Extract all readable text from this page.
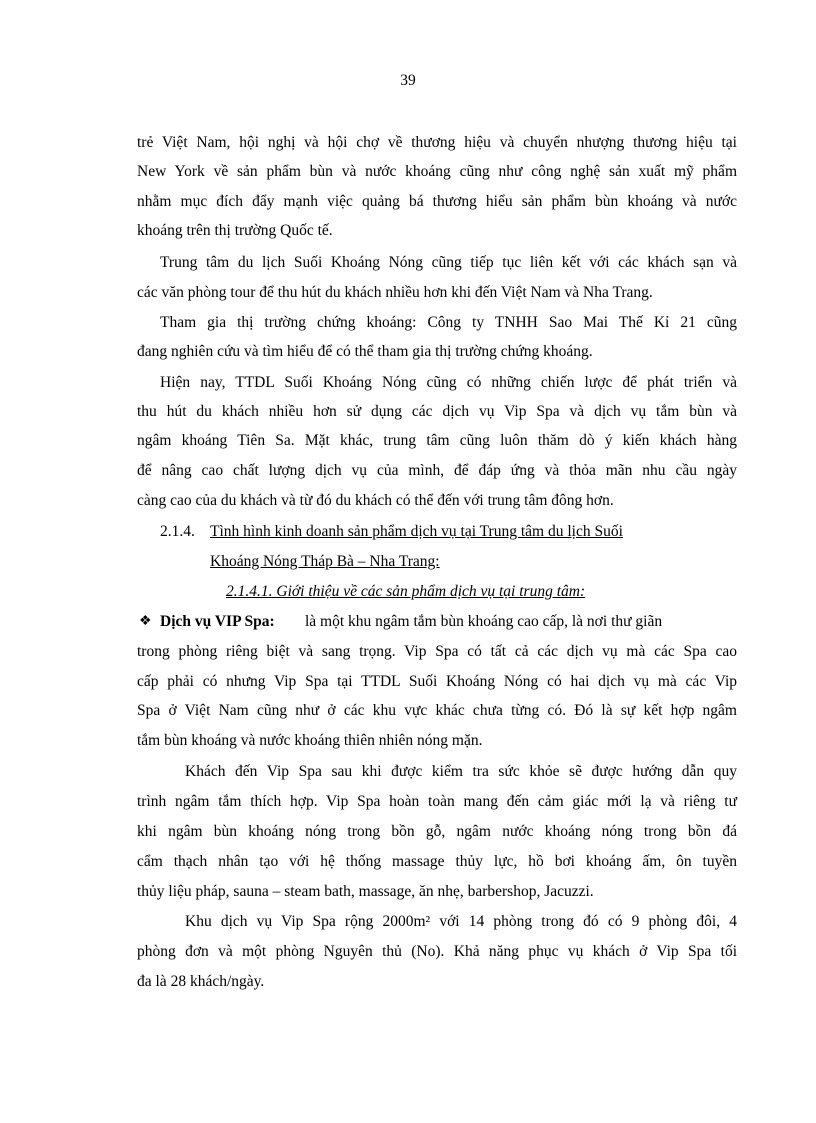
39
trẻ Việt Nam, hội nghị và hội chợ về thương hiệu và chuyển nhượng thương hiệu tại
New York về sản phẩm bùn và nước khoáng cũng như công nghệ sản xuất mỹ phẩm
nhằm mục đích đẩy mạnh việc quảng bá thương hiểu sản phẩm bùn khoáng và nước
khoáng trên thị trường Quốc tế.
Trung tâm du lịch Suối Khoáng Nóng cũng tiếp tục liên kết với các khách sạn và
các văn phòng tour để thu hút du khách nhiều hơn khi đến Việt Nam và Nha Trang.
Tham gia thị trường chứng khoáng: Công ty TNHH Sao Mai Thế Kỉ 21 cũng
đang nghiên cứu và tìm hiểu để có thể tham gia thị trường chứng khoáng.
Hiện nay, TTDL Suối Khoáng Nóng cũng có những chiến lược để phát triển và
thu hút du khách nhiều hơn sử dụng các dịch vụ Vip Spa và dịch vụ tắm bùn và
ngâm khoáng Tiên Sa. Mặt khác, trung tâm cũng luôn thăm dò ý kiến khách hàng
để nâng cao chất lượng dịch vụ của mình, để đáp ứng và thỏa mãn nhu cầu ngày
càng cao của du khách và từ đó du khách có thể đến với trung tâm đông hơn.
2.1.4. Tình hình kinh doanh sản phẩm dịch vụ tại Trung tâm du lịch Suối
Khoáng Nóng Tháp Bà – Nha Trang:
2.1.4.1. Giới thiệu về các sản phẩm dịch vụ tại trung tâm:
❖ Dịch vụ VIP Spa:	là một khu ngâm tắm bùn khoáng cao cấp, là nơi thư giãn
trong phòng riêng biệt và sang trọng. Vip Spa có tất cả các dịch vụ mà các Spa cao
cấp phải có nhưng Vip Spa tại TTDL Suối Khoáng Nóng có hai dịch vụ mà các Vip
Spa ở Việt Nam cũng như ở các khu vực khác chưa từng có. Đó là sự kết hợp ngâm
tắm bùn khoáng và nước khoáng thiên nhiên nóng mặn.
Khách đến Vip Spa sau khi được kiểm tra sức khỏe sẽ được hướng dẫn quy
trình ngâm tắm thích hợp. Vip Spa hoàn toàn mang đến cảm giác mới lạ và riêng tư
khi ngâm bùn khoáng nóng trong bồn gỗ, ngâm nước khoáng nóng trong bồn đá
cẩm thạch nhân tạo với hệ thống massage thủy lực, hồ bơi khoáng ấm, ôn tuyền
thủy liệu pháp, sauna – steam bath, massage, ăn nhẹ, barbershop, Jacuzzi.
Khu dịch vụ Vip Spa rộng 2000m² với 14 phòng trong đó có 9 phòng đôi, 4
phòng đơn và một phòng Nguyên thủ (No). Khả năng phục vụ khách ở Vip Spa tối
đa là 28 khách/ngày.
